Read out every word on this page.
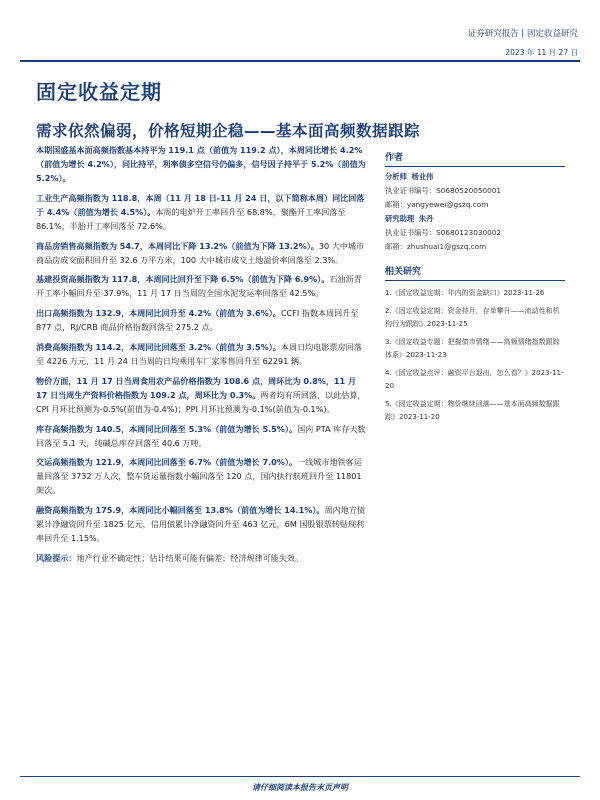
证券研究报告 | 固定收益研究
2023 年 11 月 27 日
固定收益定期
需求依然偏弱，价格短期企稳——基本面高频数据跟踪

本期国盛基本面高频指数基本持平为 119.1 点（前值为 119.2 点），本周同比增长 4.2%（前值为增长 4.2%），同比持平，利率债多空信号仍偏多，信号因子持平于 5.2%（前值为 5.2%）。

工业生产高频指数为 118.8，本周（11 月 18 日-11 月 24 日，以下简称本周）同比回落于 4.4%（前值为增长 4.5%）。本周的电炉开工率回升至 68.8%，聚酯开工率回落至 86.1%，半胎开工率回落至 72.6%。

商品房销售高频指数为 54.7，本周同比下降 13.2%（前值为下降 13.2%）。30 大中城市商品房成交面积回升至 32.6 万平方米，100 大中城市成交土地溢价率回落至 2.3%。

基建投资高频指数为 117.8，本周同比回升至下降 6.5%（前值为下降 6.9%）。石油沥青开工率小幅回升至 37.9%，11 月 17 日当周的全国水泥发运率回落至 42.5%。

出口高频指数为 132.9，本周同比回升至 4.2%（前值为 3.6%）。CCFI 指数本周回升至 877 点，RJ/CRB 商品价格指数回落至 275.2 点。

消费高频指数为 114.2，本周同比回落至 3.2%（前值为 3.5%）。本周日均电影票房回落至 4226 万元，11 月 24 日当周的日均乘用车厂家零售回升至 62291 辆。

物价方面，11 月 17 日当周食用农产品价格指数为 108.6 点，周环比为 0.8%，11 月 17 日当周生产资料价格指数为 109.2 点，周环比为 0.3%。两者均有所回落，以此估算，CPI 月环比预测为-0.5%(前值为-0.4%)；PPI 月环比预测为-0.1%(前值为-0.1%)。

库存高频指数为 140.5，本周同比回落至 5.3%（前值为增长 5.5%）。国内 PTA 库存天数回落至 5.1 天，纯碱总库存回落至 40.6 万吨。

交运高频指数为 121.9，本周同比回落至 6.7%（前值为增长 7.0%）。一线城市地铁客运量回落至 3732 万人次，整车货运量指数小幅回落至 120 点，国内执行航班回升至 11801 架次。

融资高频指数为 175.9，本周同比小幅回落至 13.8%（前值为增长 14.1%）。周内地方债累计净融资回升至 1825 亿元，信用债累计净融资回升至 463 亿元，6M 国股银票转贴现利率回升至 1.15%。

风险提示：地产行业不确定性；估计结果可能有偏差；经济规律可能失效。

作者
分析师 杨业伟
执业证书编号：S0680520050001
邮箱：yangyewei@gszq.com
研究助理 朱丹
执业证书编号：S0680123030002
邮箱：zhushuai1@gszq.com
相关研究
1.《固定收益定期：年内的资金缺口》2023-11-26
2.《固定收益定期：资金持月，存单攀升——流动性和机构行为跟踪》2023-11-25
3.《固定收益专题：把握债市情绪——高频情绪指数跟踪体系》2023-11-23
4.《固定收益点评：融资平台退出，怎么看？》2023-11-20
5.《固定收益定期：物价继续回落——基本面高频数据跟踪》2023-11-20
请仔细阅读本报告末页声明
